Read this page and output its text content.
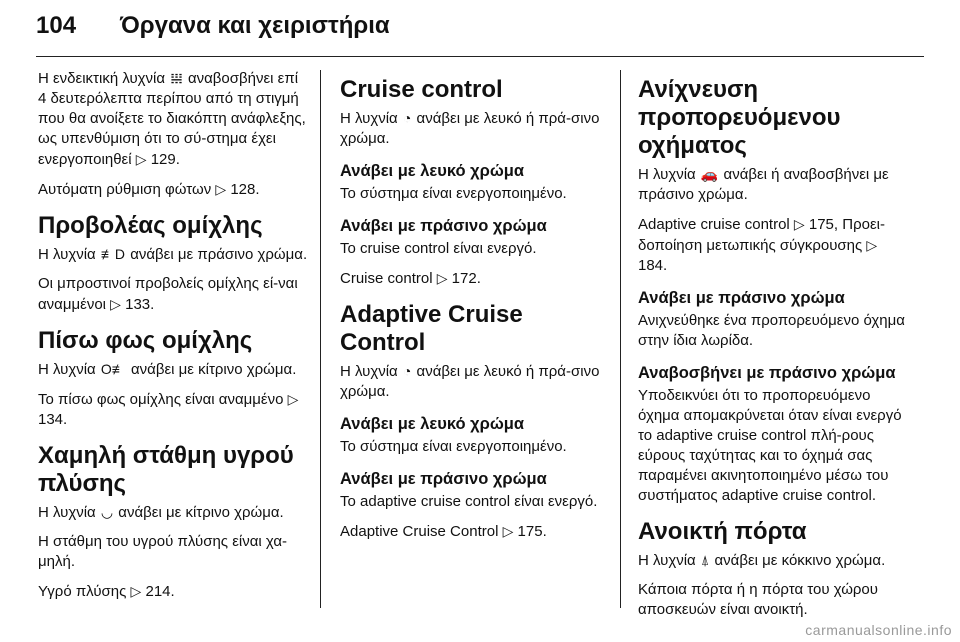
104 Όργανα και χειριστήρια

Η ενδεικτική λυχνία 𝍐 αναβοσβήνει επί 4 δευτερόλεπτα περίπου από τη στιγμή που θα ανοίξετε το διακόπτη ανάφλεξης, ως υπενθύμιση ότι το σύ-στημα έχει ενεργοποιηθεί ▷ 129.

Αυτόματη ρύθμιση φώτων ▷ 128.

Προβολέας ομίχλης

Η λυχνία ≢D ανάβει με πράσινο χρώμα.

Οι μπροστινοί προβολείς ομίχλης εί-ναι αναμμένοι ▷ 133.

Πίσω φως ομίχλης

Η λυχνία O≢ ανάβει με κίτρινο χρώμα.

Το πίσω φως ομίχλης είναι αναμμένο ▷ 134.

Χαμηλή στάθμη υγρού πλύσης

Η λυχνία ◡ ανάβει με κίτρινο χρώμα.

Η στάθμη του υγρού πλύσης είναι χα-μηλή.

Υγρό πλύσης ▷ 214.

Cruise control

Η λυχνία ◔ ανάβει με λευκό ή πρά-σινο χρώμα.

Ανάβει με λευκό χρώμα

Το σύστημα είναι ενεργοποιημένο.

Ανάβει με πράσινο χρώμα

Το cruise control είναι ενεργό.

Cruise control ▷ 172.

Adaptive Cruise Control

Η λυχνία ◔ ανάβει με λευκό ή πρά-σινο χρώμα.

Ανάβει με λευκό χρώμα

Το σύστημα είναι ενεργοποιημένο.

Ανάβει με πράσινο χρώμα

Το adaptive cruise control είναι ενεργό.

Adaptive Cruise Control ▷ 175.

Ανίχνευση προπορευόμενου οχήματος

Η λυχνία 🚗 ανάβει ή αναβοσβήνει με πράσινο χρώμα.

Adaptive cruise control ▷ 175, Προει-δοποίηση μετωπικής σύγκρουσης ▷ 184.

Ανάβει με πράσινο χρώμα

Ανιχνεύθηκε ένα προπορευόμενο όχημα στην ίδια λωρίδα.

Αναβοσβήνει με πράσινο χρώμα

Υποδεικνύει ότι το προπορευόμενο όχημα απομακρύνεται όταν είναι ενεργό το adaptive cruise control πλή-ρους εύρους ταχύτητας και το όχημά σας παραμένει ακινητοποιημένο μέσω του συστήματος adaptive cruise control.

Ανοικτή πόρτα

Η λυχνία ⍋ ανάβει με κόκκινο χρώμα.

Κάποια πόρτα ή η πόρτα του χώρου αποσκευών είναι ανοικτή.

carmanualsonline.info
